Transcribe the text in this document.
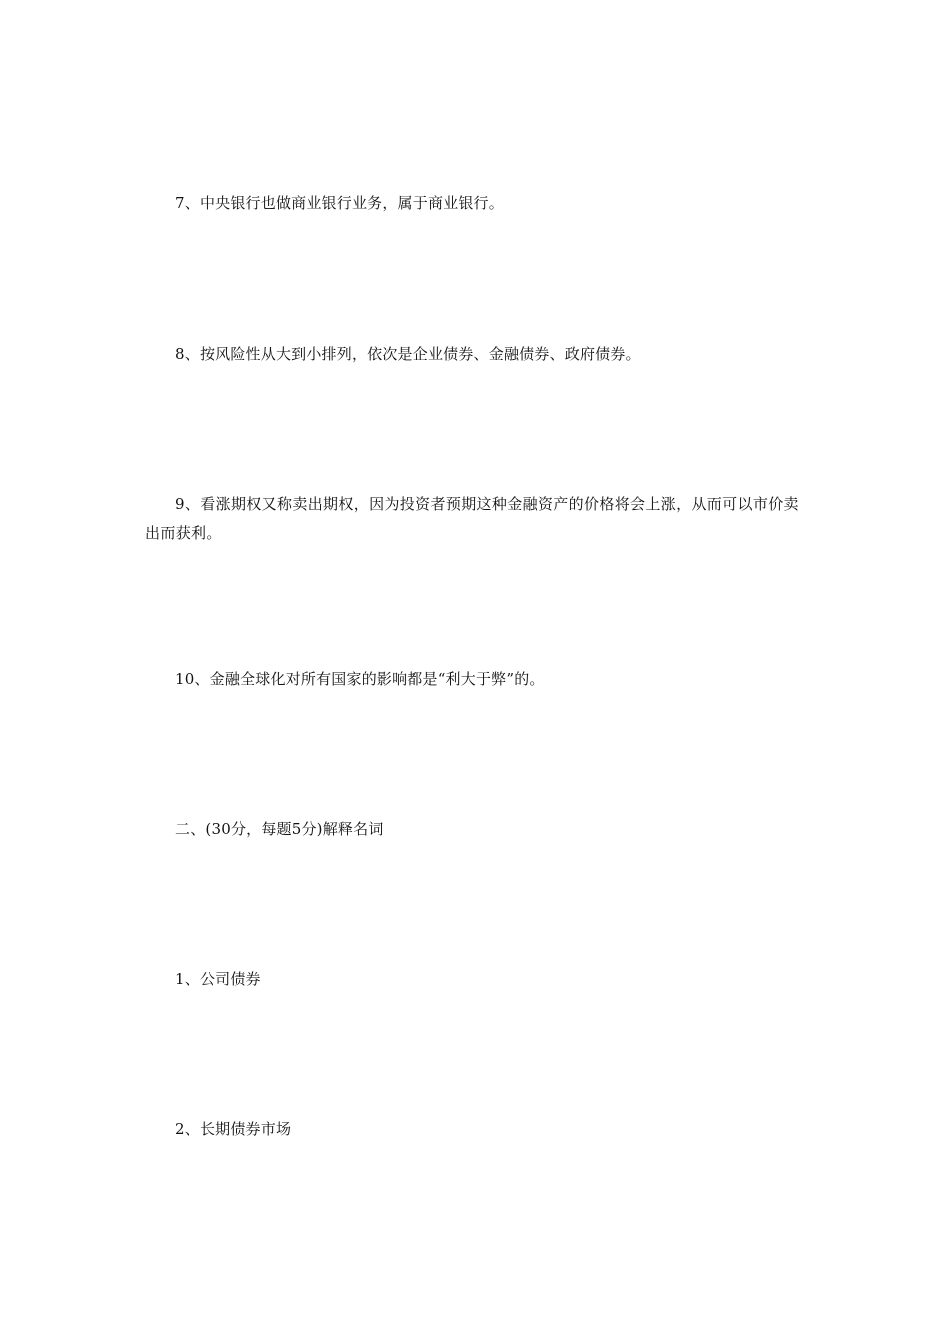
7、中央银行也做商业银行业务，属于商业银行。

8、按风险性从大到小排列，依次是企业债券、金融债券、政府债券。

9、看涨期权又称卖出期权，因为投资者预期这种金融资产的价格将会上涨，从而可以市价卖出而获利。

10、金融全球化对所有国家的影响都是“利大于弊”的。

二、(30分，每题5分)解释名词

1、公司债券

2、长期债券市场
